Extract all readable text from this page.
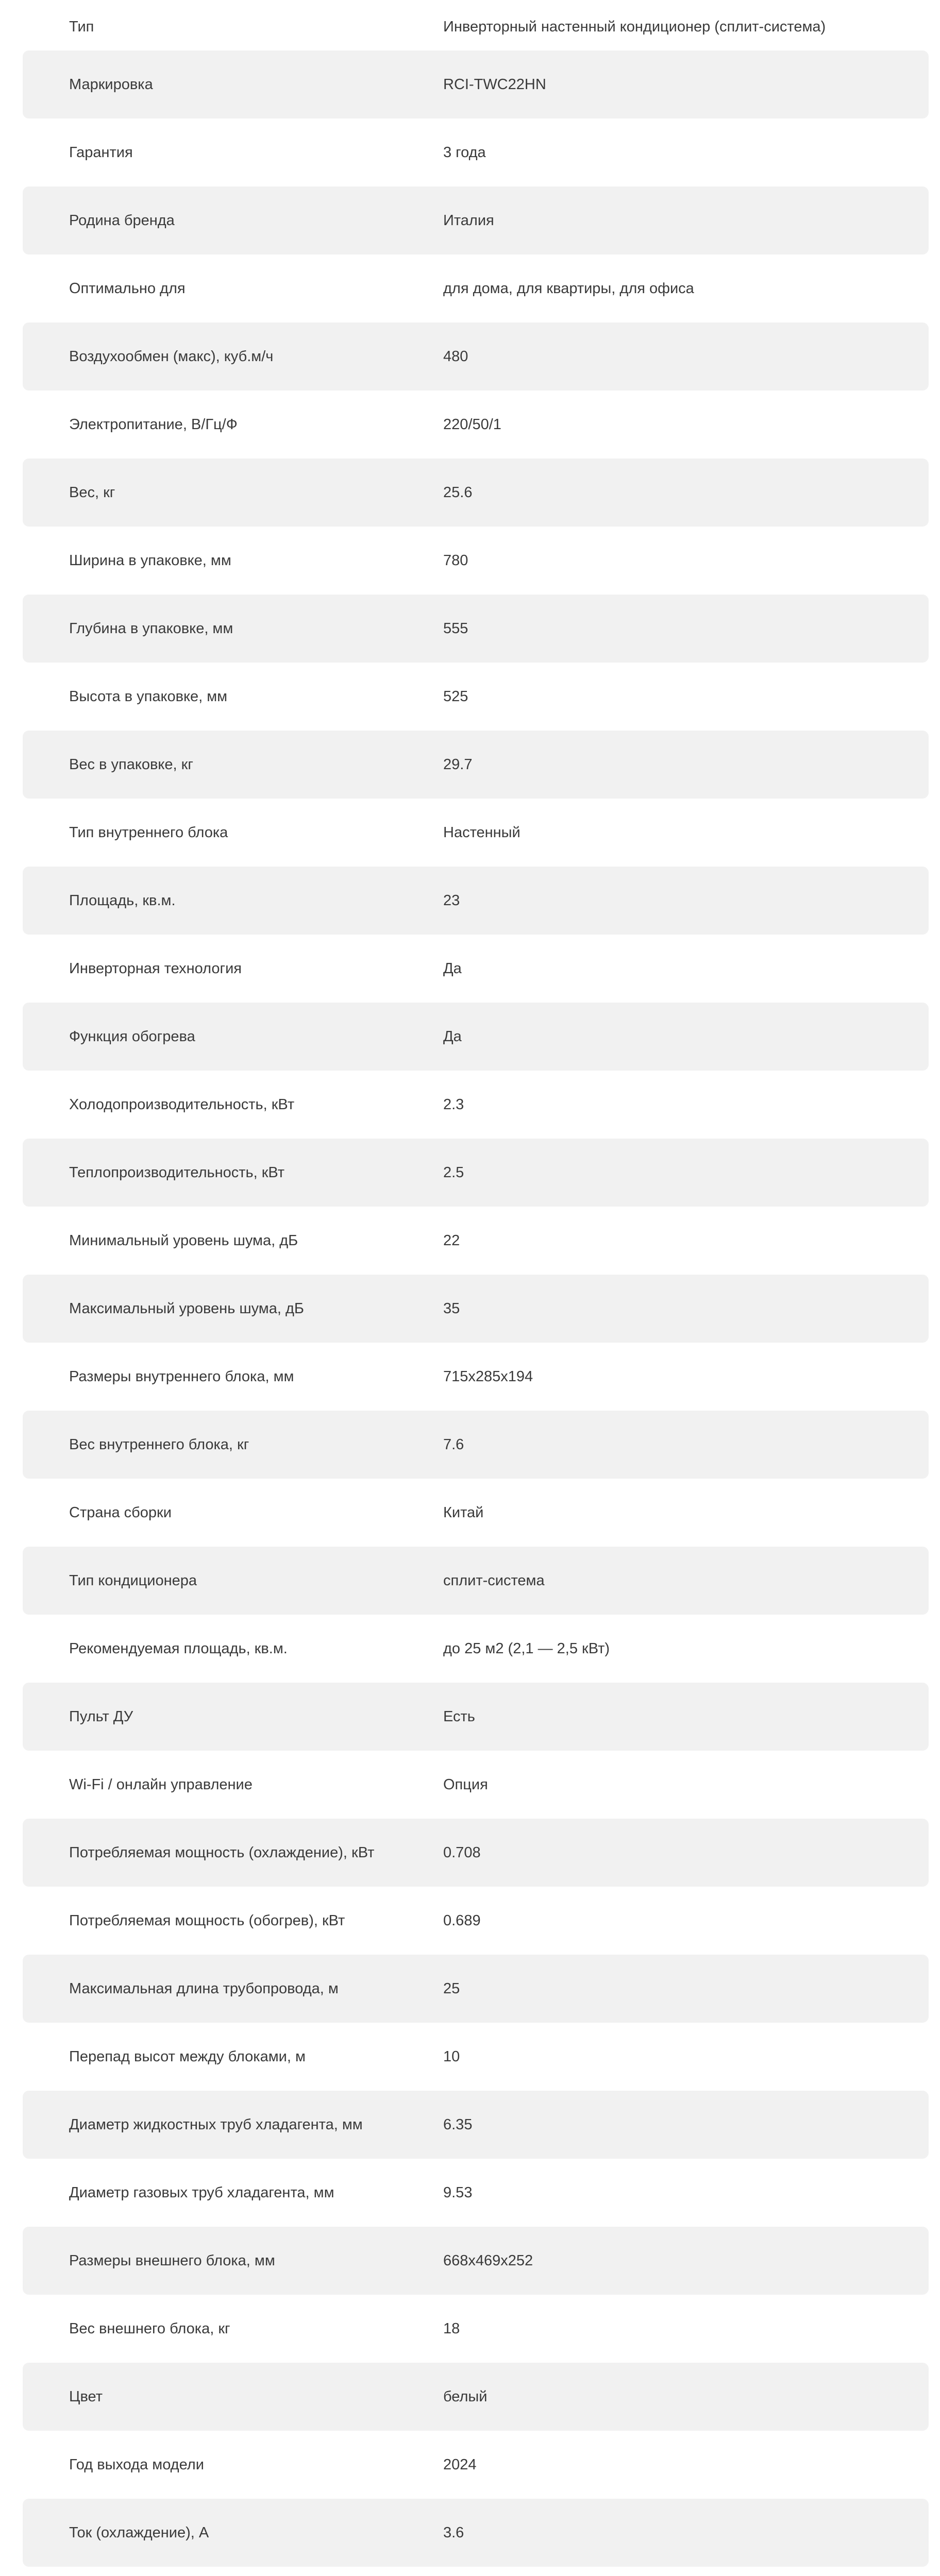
Тип	Инверторный настенный кондиционер (сплит-система)
Маркировка	RCI-TWC22HN
Гарантия	3 года
Родина бренда	Италия
Оптимально для	для дома, для квартиры, для офиса
Воздухообмен (макс), куб.м/ч	480
Электропитание, В/Гц/Ф	220/50/1
Вес, кг	25.6
Ширина в упаковке, мм	780
Глубина в упаковке, мм	555
Высота в упаковке, мм	525
Вес в упаковке, кг	29.7
Тип внутреннего блока	Настенный
Площадь, кв.м.	23
Инверторная технология	Да
Функция обогрева	Да
Холодопроизводительность, кВт	2.3
Теплопроизводительность, кВт	2.5
Минимальный уровень шума, дБ	22
Максимальный уровень шума, дБ	35
Размеры внутреннего блока, мм	715x285x194
Вес внутреннего блока, кг	7.6
Страна сборки	Китай
Тип кондиционера	сплит-система
Рекомендуемая площадь, кв.м.	до 25 м2 (2,1 — 2,5 кВт)
Пульт ДУ	Есть
Wi-Fi / онлайн управление	Опция
Потребляемая мощность (охлаждение), кВт	0.708
Потребляемая мощность (обогрев), кВт	0.689
Максимальная длина трубопровода, м	25
Перепад высот между блоками, м	10
Диаметр жидкостных труб хладагента, мм	6.35
Диаметр газовых труб хладагента, мм	9.53
Размеры внешнего блока, мм	668x469x252
Вес внешнего блока, кг	18
Цвет	белый
Год выхода модели	2024
Ток (охлаждение), А	3.6
